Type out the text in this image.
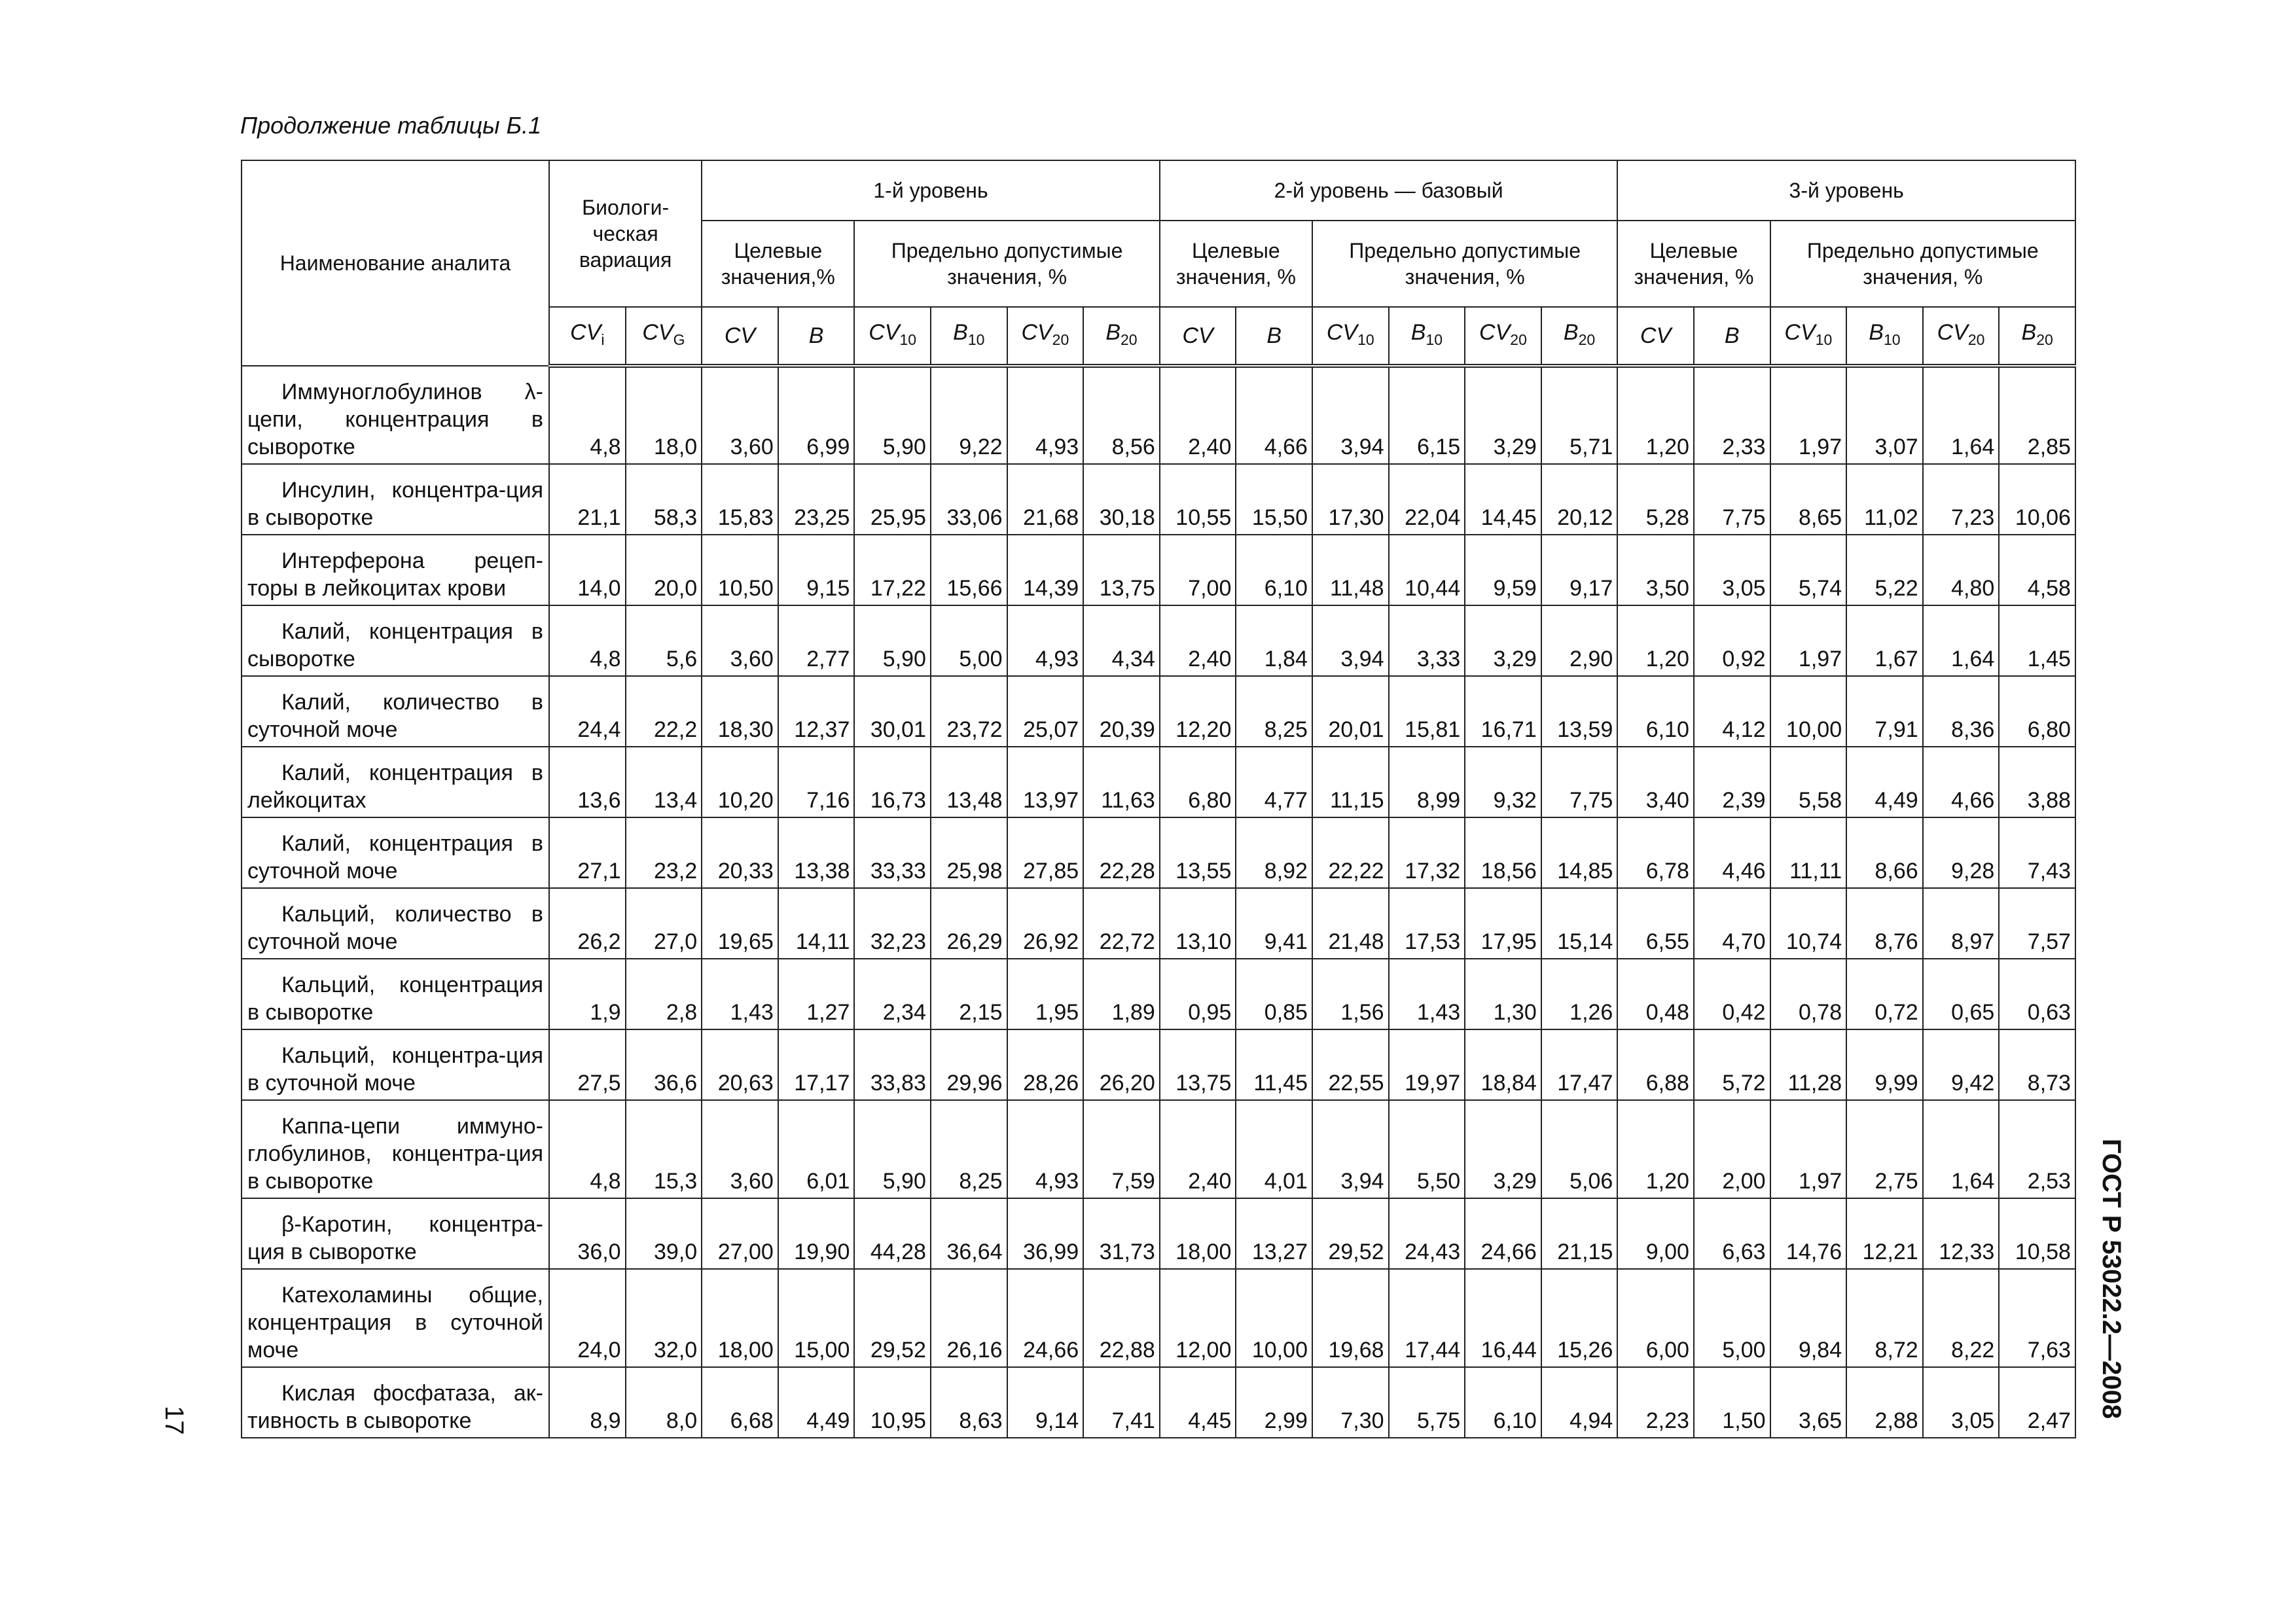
Продолжение таблицы Б.1
Наименование аналита	Биологи-ческая вариация		1-й уровень						2-й уровень — базовый						3-й уровень					
			Целевые значения,%		Предельно допустимые значения, %				Целевые значения, %		Предельно допустимые значения, %				Целевые значения, %		Предельно допустимые значения, %			
	$CV_i$	$CV_G$	CV	B	$CV_{10}$	$B_{10}$	$CV_{20}$	$B_{20}$	CV	B	$CV_{10}$	$B_{10}$	$CV_{20}$	$B_{20}$	CV	B	$CV_{10}$	$B_{10}$	$CV_{20}$	$B_{20}$
Иммуноглобулинов λ-цепи, концентрация в сыворотке	4,8	18,0	3,60	6,99	5,90	9,22	4,93	8,56	2,40	4,66	3,94	6,15	3,29	5,71	1,20	2,33	1,97	3,07	1,64	2,85
Инсулин, концентра-ция в сыворотке	21,1	58,3	15,83	23,25	25,95	33,06	21,68	30,18	10,55	15,50	17,30	22,04	14,45	20,12	5,28	7,75	8,65	11,02	7,23	10,06
Интерферона рецеп-торы в лейкоцитах крови	14,0	20,0	10,50	9,15	17,22	15,66	14,39	13,75	7,00	6,10	11,48	10,44	9,59	9,17	3,50	3,05	5,74	5,22	4,80	4,58
Калий, концентрация в сыворотке	4,8	5,6	3,60	2,77	5,90	5,00	4,93	4,34	2,40	1,84	3,94	3,33	3,29	2,90	1,20	0,92	1,97	1,67	1,64	1,45
Калий, количество в суточной моче	24,4	22,2	18,30	12,37	30,01	23,72	25,07	20,39	12,20	8,25	20,01	15,81	16,71	13,59	6,10	4,12	10,00	7,91	8,36	6,80
Калий, концентрация в лейкоцитах	13,6	13,4	10,20	7,16	16,73	13,48	13,97	11,63	6,80	4,77	11,15	8,99	9,32	7,75	3,40	2,39	5,58	4,49	4,66	3,88
Калий, концентрация в суточной моче	27,1	23,2	20,33	13,38	33,33	25,98	27,85	22,28	13,55	8,92	22,22	17,32	18,56	14,85	6,78	4,46	11,11	8,66	9,28	7,43
Кальций, количество в суточной моче	26,2	27,0	19,65	14,11	32,23	26,29	26,92	22,72	13,10	9,41	21,48	17,53	17,95	15,14	6,55	4,70	10,74	8,76	8,97	7,57
Кальций, концентрация в сыворотке	1,9	2,8	1,43	1,27	2,34	2,15	1,95	1,89	0,95	0,85	1,56	1,43	1,30	1,26	0,48	0,42	0,78	0,72	0,65	0,63
Кальций, концентра-ция в суточной моче	27,5	36,6	20,63	17,17	33,83	29,96	28,26	26,20	13,75	11,45	22,55	19,97	18,84	17,47	6,88	5,72	11,28	9,99	9,42	8,73
Каппа-цепи иммуно-глобулинов, концентра-ция в сыворотке	4,8	15,3	3,60	6,01	5,90	8,25	4,93	7,59	2,40	4,01	3,94	5,50	3,29	5,06	1,20	2,00	1,97	2,75	1,64	2,53
β-Каротин, концентра-ция в сыворотке	36,0	39,0	27,00	19,90	44,28	36,64	36,99	31,73	18,00	13,27	29,52	24,43	24,66	21,15	9,00	6,63	14,76	12,21	12,33	10,58
Катехоламины общие, концентрация в суточной моче	24,0	32,0	18,00	15,00	29,52	26,16	24,66	22,88	12,00	10,00	19,68	17,44	16,44	15,26	6,00	5,00	9,84	8,72	8,22	7,63
Кислая фосфатаза, ак-тивность в сыворотке	8,9	8,0	6,68	4,49	10,95	8,63	9,14	7,41	4,45	2,99	7,30	5,75	6,10	4,94	2,23	1,50	3,65	2,88	3,05	2,47
ГОСТ Р 53022.2—2008
17
